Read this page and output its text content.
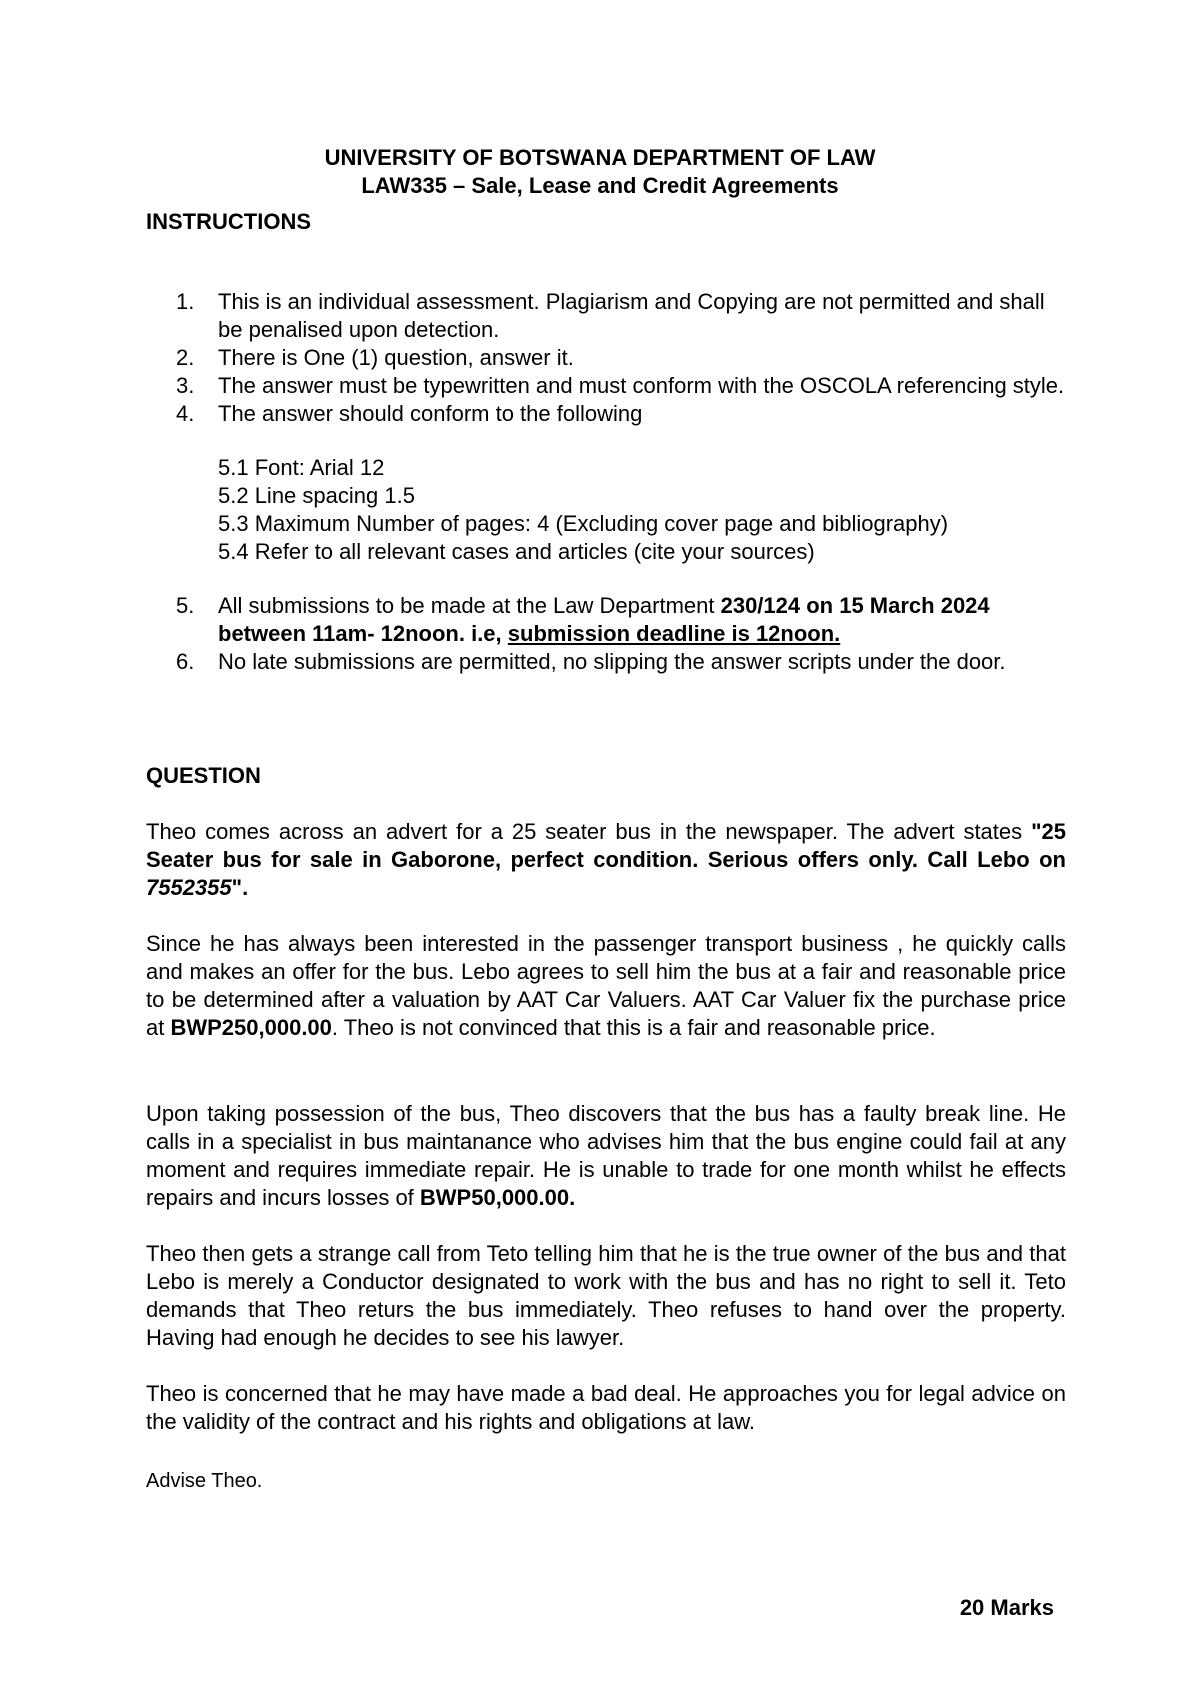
UNIVERSITY OF BOTSWANA DEPARTMENT OF LAW
LAW335 – Sale, Lease and Credit Agreements
INSTRUCTIONS
1. This is an individual assessment. Plagiarism and Copying are not permitted and shall be penalised upon detection.
2. There is One (1) question, answer it.
3. The answer must be typewritten and must conform with the OSCOLA referencing style.
4. The answer should conform to the following
5.1 Font: Arial 12
5.2 Line spacing 1.5
5.3 Maximum Number of pages: 4 (Excluding cover page and bibliography)
5.4 Refer to all relevant cases and articles (cite your sources)
5. All submissions to be made at the Law Department 230/124 on 15 March 2024 between 11am- 12noon. i.e, submission deadline is 12noon.
6. No late submissions are permitted, no slipping the answer scripts under the door.
QUESTION
Theo comes across an advert for a 25 seater bus in the newspaper. The advert states "25 Seater bus for sale in Gaborone, perfect condition. Serious offers only. Call Lebo on 7552355".
Since he has always been interested in the passenger transport business , he quickly calls and makes an offer for the bus. Lebo agrees to sell him the bus at a fair and reasonable price to be determined after a valuation by AAT Car Valuers. AAT Car Valuer fix the purchase price at BWP250,000.00. Theo is not convinced that this is a fair and reasonable price.
Upon taking possession of the bus, Theo discovers that the bus has a faulty break line. He calls in a specialist in bus maintanance who advises him that the bus engine could fail at any moment and requires immediate repair. He is unable to trade for one month whilst he effects repairs and incurs losses of BWP50,000.00.
Theo then gets a strange call from Teto telling him that he is the true owner of the bus and that Lebo is merely a Conductor designated to work with the bus and has no right to sell it. Teto demands that Theo returs the bus immediately. Theo refuses to hand over the property. Having had enough he decides to see his lawyer.
Theo is concerned that he may have made a bad deal. He approaches you for legal advice on the validity of the contract and his rights and obligations at law.
Advise Theo.
20 Marks
